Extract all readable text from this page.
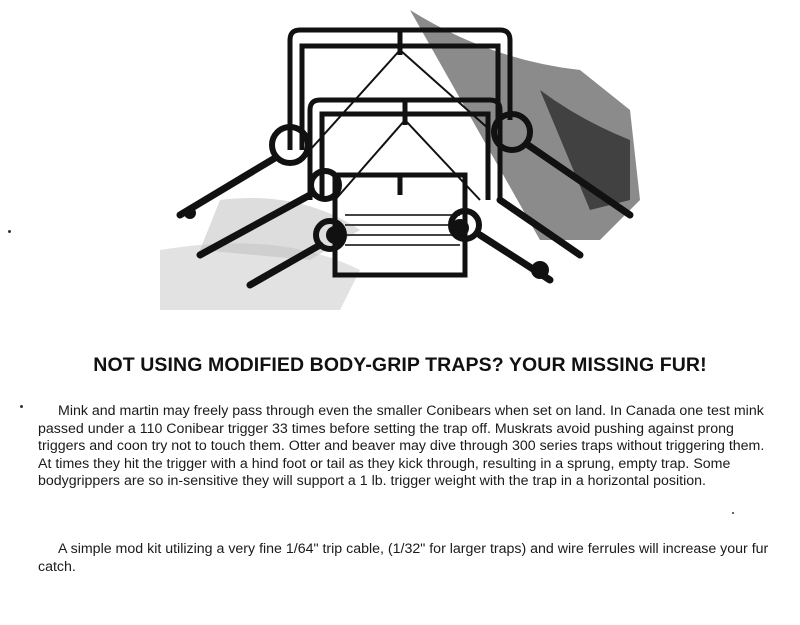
NOT USING MODIFIED BODY-GRIP TRAPS? YOUR MISSING FUR!

Mink and martin may freely pass through even the smaller Conibears when set on land. In Canada one test mink passed under a 110 Conibear trigger 33 times before setting the trap off. Muskrats avoid pushing against prong triggers and coon try not to touch them. Otter and beaver may dive through 300 series traps without triggering them. At times they hit the trigger with a hind foot or tail as they kick through, resulting in a sprung, empty trap. Some bodygrippers are so in-sensitive they will support a 1 lb. trigger weight with the trap in a horizontal position.

A simple mod kit utilizing a very fine 1/64" trip cable, (1/32" for larger traps) and wire ferrules will increase your fur catch.
